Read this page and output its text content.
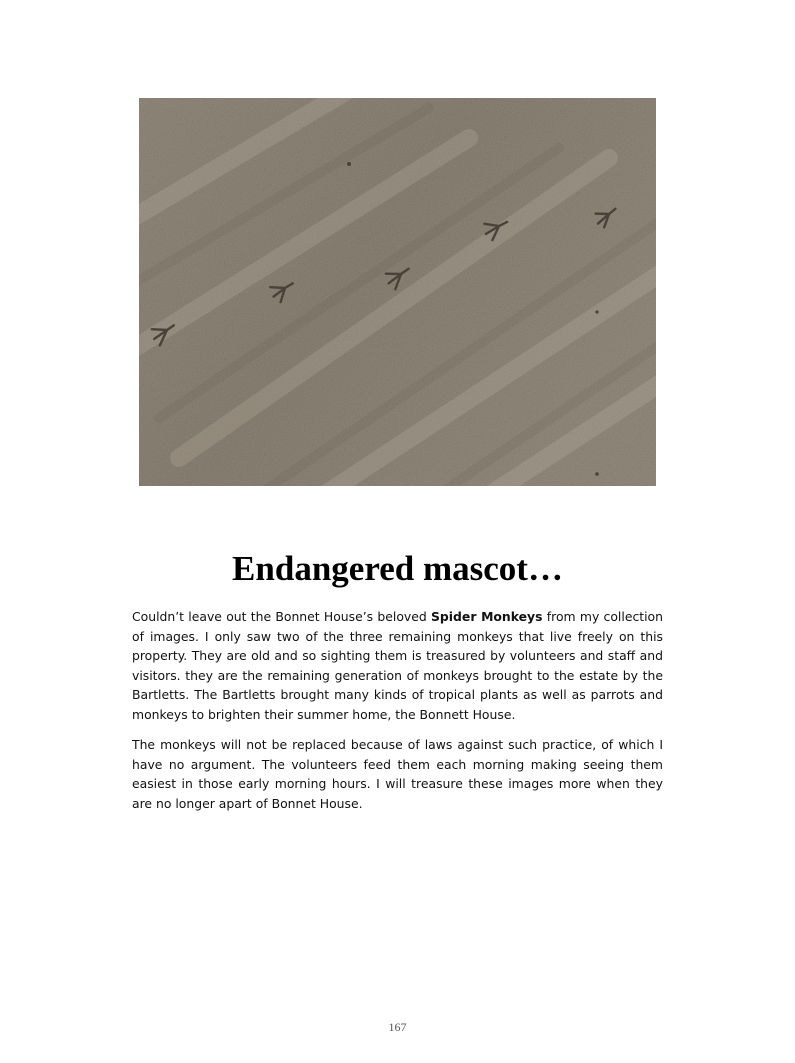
Endangered mascot…

Couldn’t leave out the Bonnet House’s beloved Spider Monkeys from my collection of images. I only saw two of the three remaining monkeys that live freely on this property. They are old and so sighting them is treasured by volunteers and staff and visitors. they are the remaining generation of monkeys brought to the estate by the Bartletts. The Bartletts brought many kinds of tropical plants as well as parrots and monkeys to brighten their summer home, the Bonnett House.

The monkeys will not be replaced because of laws against such practice, of which I have no argument. The volunteers feed them each morning making seeing them easiest in those early morning hours. I will treasure these images more when they are no longer apart of Bonnet House.

167
